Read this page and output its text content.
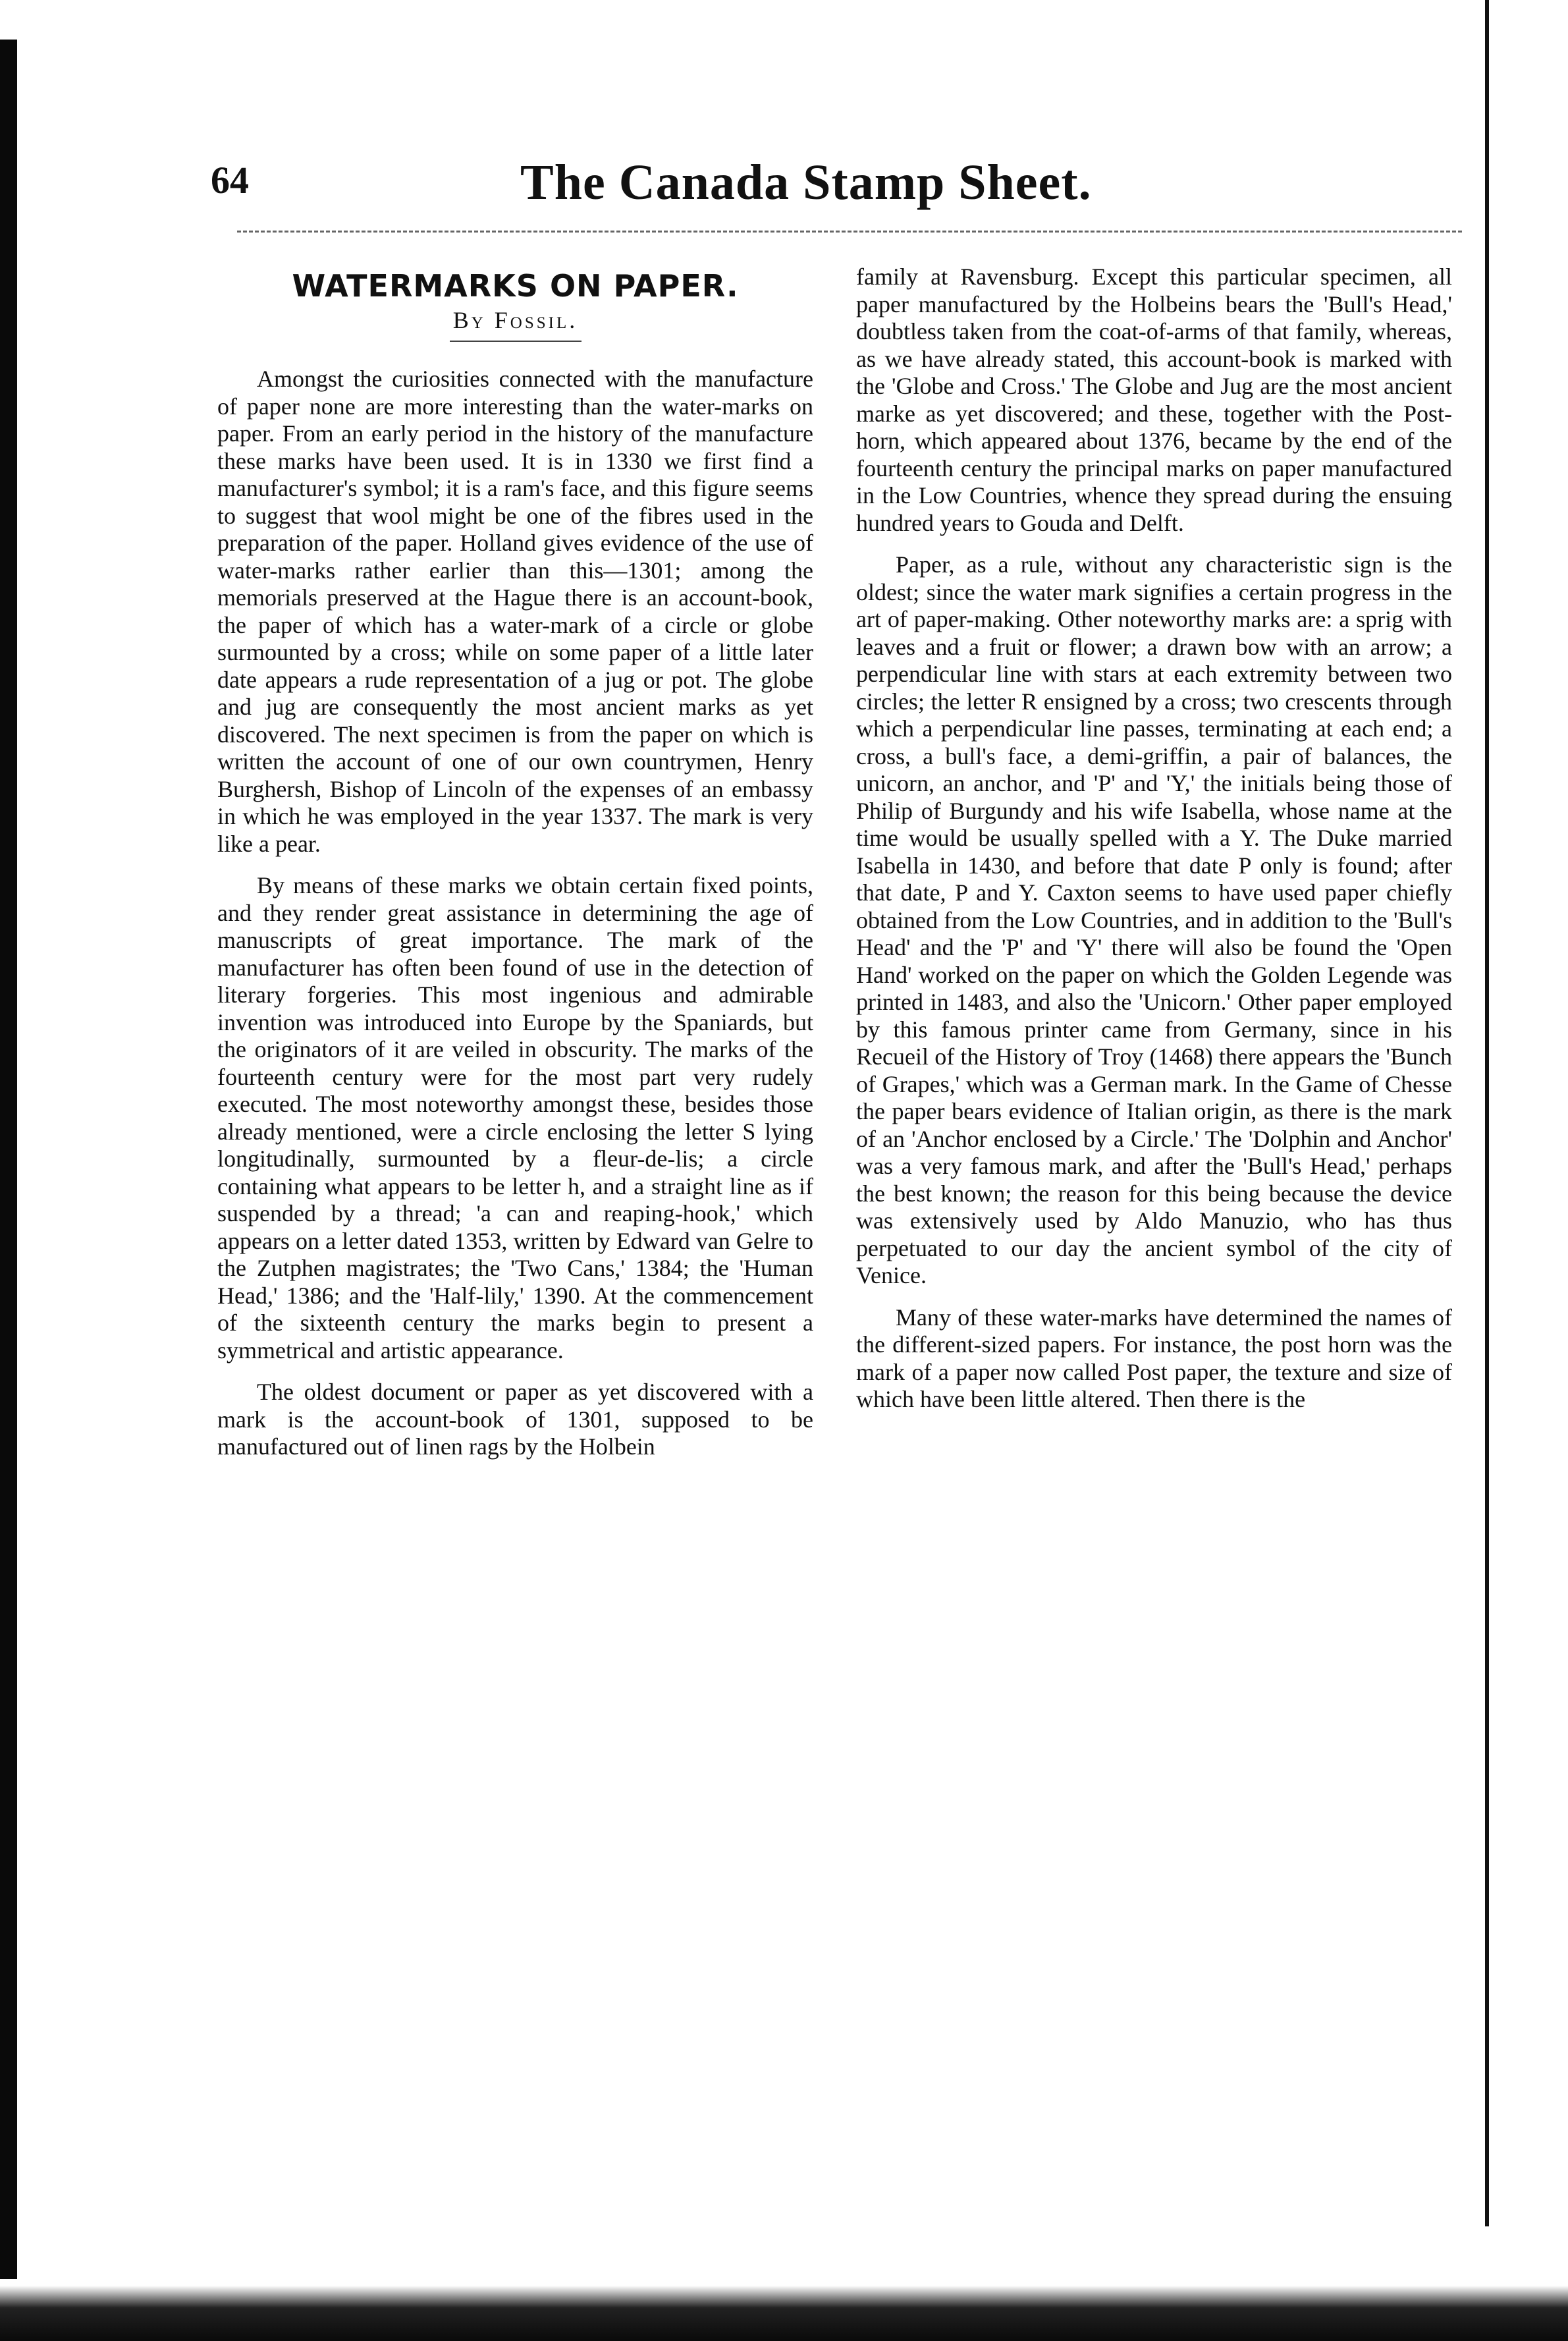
64	The Canada Stamp Sheet.
WATERMARKS ON PAPER.
By Fossil.

Amongst the curiosities connected with the manufacture of paper none are more interesting than the water-marks on paper. From an early period in the history of the manufacture these marks have been used. It is in 1330 we first find a manufacturer's symbol; it is a ram's face, and this figure seems to suggest that wool might be one of the fibres used in the preparation of the paper. Holland gives evidence of the use of water-marks rather earlier than this—1301; among the memorials preserved at the Hague there is an account-book, the paper of which has a water-mark of a circle or globe surmounted by a cross; while on some paper of a little later date appears a rude representation of a jug or pot. The globe and jug are consequently the most ancient marks as yet discovered. The next specimen is from the paper on which is written the account of one of our own countrymen, Henry Burghersh, Bishop of Lincoln of the expenses of an embassy in which he was employed in the year 1337. The mark is very like a pear.

By means of these marks we obtain certain fixed points, and they render great assistance in determining the age of manuscripts of great importance. The mark of the manufacturer has often been found of use in the detection of literary forgeries. This most ingenious and admirable invention was introduced into Europe by the Spaniards, but the originators of it are veiled in obscurity. The marks of the fourteenth century were for the most part very rudely executed. The most noteworthy amongst these, besides those already mentioned, were a circle enclosing the letter S lying longitudinally, surmounted by a fleur-de-lis; a circle containing what appears to be letter h, and a straight line as if suspended by a thread; 'a can and reaping-hook,' which appears on a letter dated 1353, written by Edward van Gelre to the Zutphen magistrates; the 'Two Cans,' 1384; the 'Human Head,' 1386; and the 'Half-lily,' 1390. At the commencement of the sixteenth century the marks begin to present a symmetrical and artistic appearance.

The oldest document or paper as yet discovered with a mark is the account-book of 1301, supposed to be manufactured out of linen rags by the Holbein

family at Ravensburg. Except this particular specimen, all paper manufactured by the Holbeins bears the 'Bull's Head,' doubtless taken from the coat-of-arms of that family, whereas, as we have already stated, this account-book is marked with the 'Globe and Cross.' The Globe and Jug are the most ancient marke as yet discovered; and these, together with the Post-horn, which appeared about 1376, became by the end of the fourteenth century the principal marks on paper manufactured in the Low Countries, whence they spread during the ensuing hundred years to Gouda and Delft.

Paper, as a rule, without any characteristic sign is the oldest; since the water mark signifies a certain progress in the art of paper-making. Other noteworthy marks are: a sprig with leaves and a fruit or flower; a drawn bow with an arrow; a perpendicular line with stars at each extremity between two circles; the letter R ensigned by a cross; two crescents through which a perpendicular line passes, terminating at each end; a cross, a bull's face, a demi-griffin, a pair of balances, the unicorn, an anchor, and 'P' and 'Y,' the initials being those of Philip of Burgundy and his wife Isabella, whose name at the time would be usually spelled with a Y. The Duke married Isabella in 1430, and before that date P only is found; after that date, P and Y. Caxton seems to have used paper chiefly obtained from the Low Countries, and in addition to the 'Bull's Head' and the 'P' and 'Y' there will also be found the 'Open Hand' worked on the paper on which the Golden Legende was printed in 1483, and also the 'Unicorn.' Other paper employed by this famous printer came from Germany, since in his Recueil of the History of Troy (1468) there appears the 'Bunch of Grapes,' which was a German mark. In the Game of Chesse the paper bears evidence of Italian origin, as there is the mark of an 'Anchor enclosed by a Circle.' The 'Dolphin and Anchor' was a very famous mark, and after the 'Bull's Head,' perhaps the best known; the reason for this being because the device was extensively used by Aldo Manuzio, who has thus perpetuated to our day the ancient symbol of the city of Venice.

Many of these water-marks have determined the names of the different-sized papers. For instance, the post horn was the mark of a paper now called Post paper, the texture and size of which have been little altered. Then there is the
